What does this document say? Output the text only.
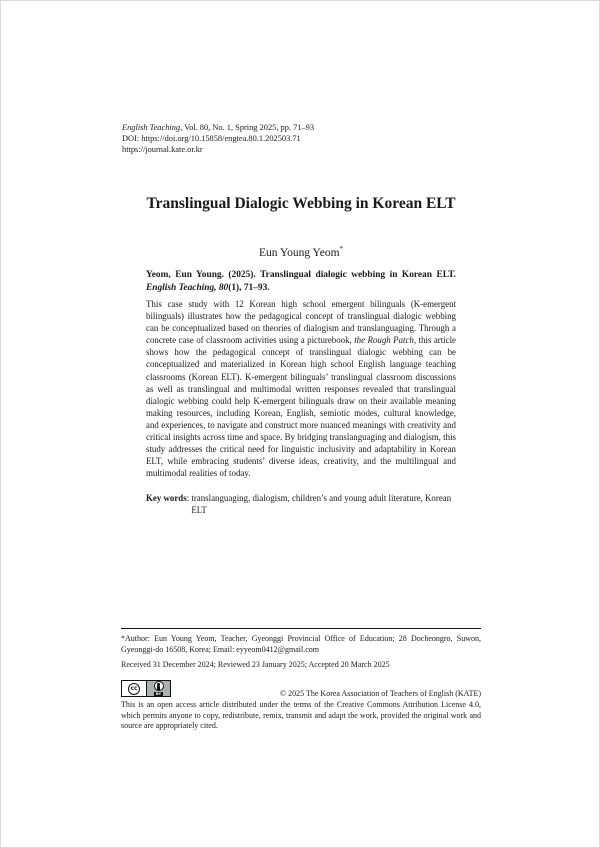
English Teaching, Vol. 80, No. 1, Spring 2025, pp. 71–93
DOI: https://doi.org/10.15858/engtea.80.1.202503.71
https://journal.kate.or.kr
Translingual Dialogic Webbing in Korean ELT
Eun Young Yeom*
Yeom, Eun Young. (2025). Translingual dialogic webbing in Korean ELT. English Teaching, 80(1), 71–93.
This case study with 12 Korean high school emergent bilinguals (K-emergent bilinguals) illustrates how the pedagogical concept of translingual dialogic webbing can be conceptualized based on theories of dialogism and translanguaging. Through a concrete case of classroom activities using a picturebook, the Rough Patch, this article shows how the pedagogical concept of translingual dialogic webbing can be conceptualized and materialized in Korean high school English language teaching classrooms (Korean ELT). K-emergent bilinguals’ translingual classroom discussions as well as translingual and multimodal written responses revealed that translingual dialogic webbing could help K-emergent bilinguals draw on their available meaning making resources, including Korean, English, semiotic modes, cultural knowledge, and experiences, to navigate and construct more nuanced meanings with creativity and critical insights across time and space. By bridging translanguaging and dialogism, this study addresses the critical need for linguistic inclusivity and adaptability in Korean ELT, while embracing students’ diverse ideas, creativity, and the multilingual and multimodal realities of today.
Key words : translanguaging, dialogism, children’s and young adult literature, Korean ELT
*Author: Eun Young Yeom, Teacher, Gyeonggi Provincial Office of Education; 28 Docheongro, Suwon, Gyeonggi-do 16508, Korea; Email: eyyeom0412@gmail.com
Received 31 December 2024; Reviewed 23 January 2025; Accepted 20 March 2025
cc
BY	© 2025 The Korea Association of Teachers of English (KATE)
This is an open access article distributed under the terms of the Creative Commons Attribution License 4.0, which permits anyone to copy, redistribute, remix, transmit and adapt the work, provided the original work and source are appropriately cited.
